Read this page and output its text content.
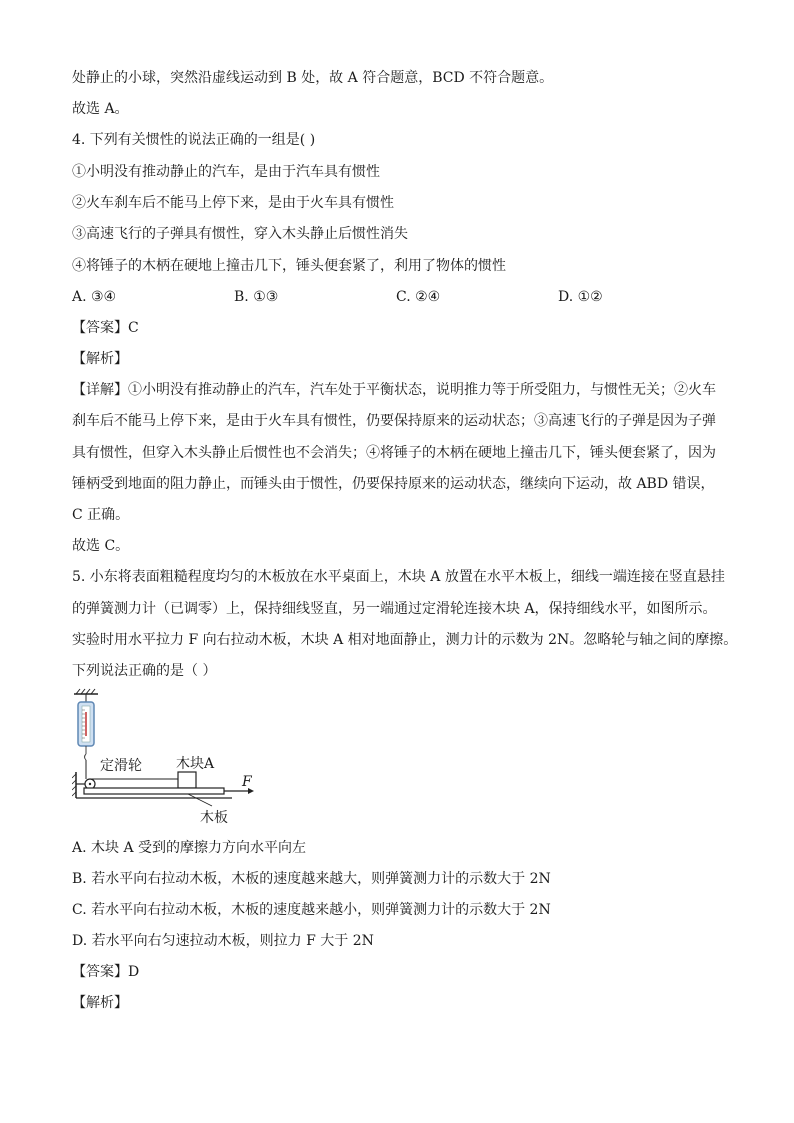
处静止的小球，突然沿虚线运动到 B 处，故 A 符合题意，BCD 不符合题意。
故选 A。
4. 下列有关惯性的说法正确的一组是( )
①小明没有推动静止的汽车，是由于汽车具有惯性
②火车刹车后不能马上停下来，是由于火车具有惯性
③高速飞行的子弹具有惯性，穿入木头静止后惯性消失
④将锤子的木柄在硬地上撞击几下，锤头便套紧了，利用了物体的惯性
A. ③④	B. ①③	C. ②④	D. ①②
【答案】C
【解析】
【详解】①小明没有推动静止的汽车，汽车处于平衡状态，说明推力等于所受阻力，与惯性无关；②火车
刹车后不能马上停下来，是由于火车具有惯性，仍要保持原来的运动状态；③高速飞行的子弹是因为子弹
具有惯性，但穿入木头静止后惯性也不会消失；④将锤子的木柄在硬地上撞击几下，锤头便套紧了，因为
锤柄受到地面的阻力静止，而锤头由于惯性，仍要保持原来的运动状态，继续向下运动，故 ABD 错误，
C 正确。
故选 C。
5. 小东将表面粗糙程度均匀的木板放在水平桌面上，木块 A 放置在水平木板上，细线一端连接在竖直悬挂
的弹簧测力计（已调零）上，保持细线竖直，另一端通过定滑轮连接木块 A，保持细线水平，如图所示。
实验时用水平拉力 F 向右拉动木板，木块 A 相对地面静止，测力计的示数为 2N。忽略轮与轴之间的摩擦。
下列说法正确的是（ ）
定滑轮 木块A
F
木板
A. 木块 A 受到的摩擦力方向水平向左
B. 若水平向右拉动木板，木板的速度越来越大，则弹簧测力计的示数大于 2N
C. 若水平向右拉动木板，木板的速度越来越小，则弹簧测力计的示数大于 2N
D. 若水平向右匀速拉动木板，则拉力 F 大于 2N
【答案】D
【解析】
